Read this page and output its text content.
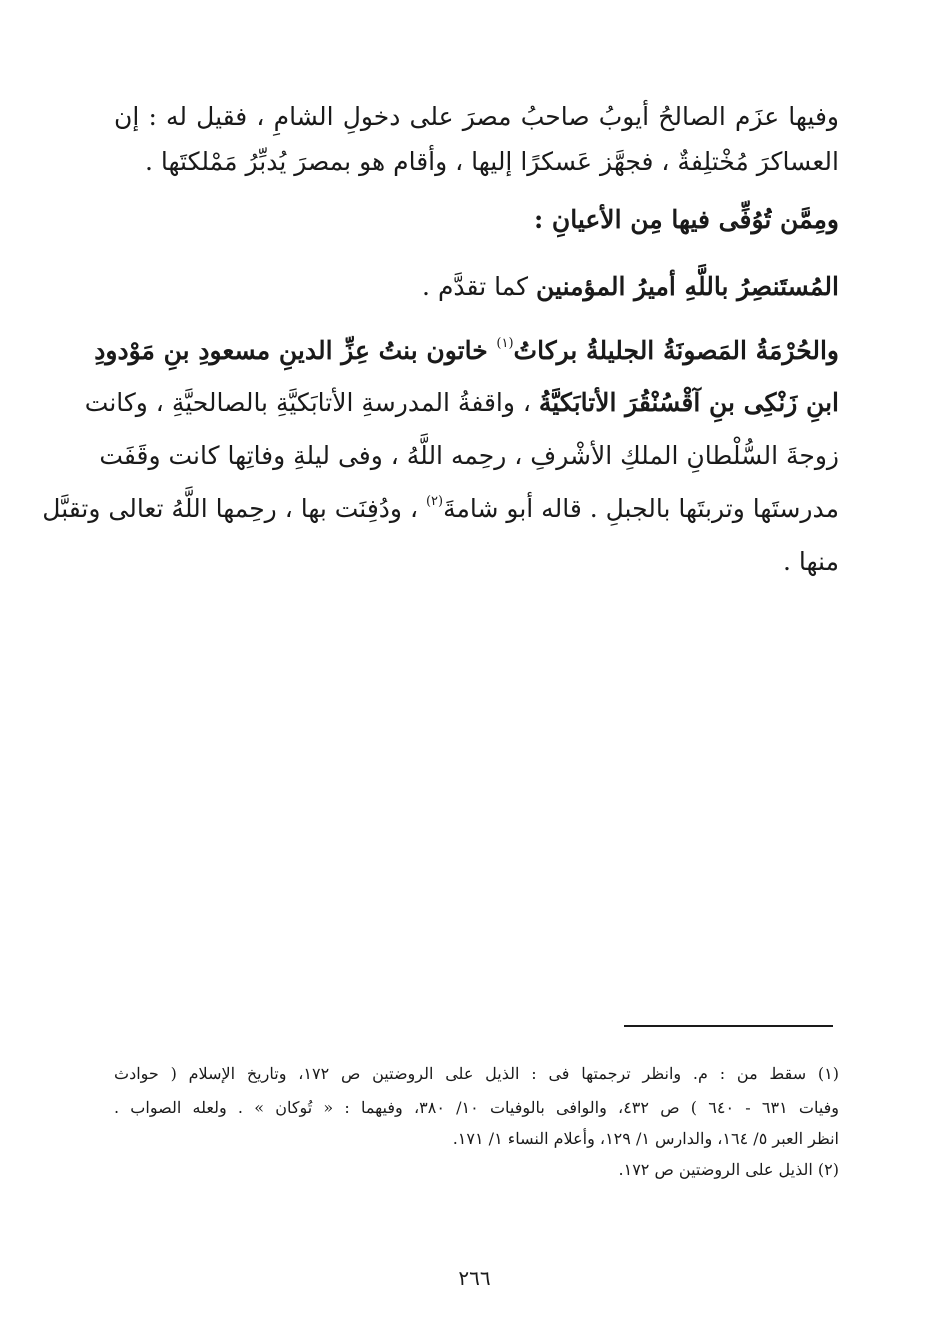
وفيها عزَم الصالحُ أيوبُ صاحبُ مصرَ على دخولِ الشامِ ، فقيل له : إن
العساكرَ مُخْتلِفةٌ ، فجهَّز عَسكرًا إليها ، وأقام هو بمصرَ يُدبِّرُ مَمْلكتَها .
ومِمَّن تُوُفِّى فيها مِن الأعيانِ :
المُستَنصِرُ باللَّهِ أميرُ المؤمنين كما تقدَّم .
والحُرْمَةُ المَصونَةُ الجليلةُ بركاتُ$^{(١)}$ خاتون بنتُ عِزِّ الدينِ مسعودِ بنِ مَوْدودِ
ابنِ زَنْكِى بنِ آقْسُنْقُرَ الأتابَكيَّةُ ، واقفةُ المدرسةِ الأتابَكيَّةِ بالصالحيَّةِ ، وكانت
زوجةَ السُّلْطانِ الملكِ الأشْرفِ ، رحِمه اللَّهُ ، وفى ليلةِ وفاتِها كانت وقَفَت
مدرستَها وتربتَها بالجبلِ . قاله أبو شامةَ$^{(٢)}$ ، ودُفِنَت بها ، رحِمها اللَّهُ تعالى وتقبَّل
منها .
(١) سقط من : م. وانظر ترجمتها فى : الذيل على الروضتين ص ١٧٢، وتاريخ الإسلام ( حوادث
وفيات ٦٣١ - ٦٤٠ ) ص ٤٣٢، والوافى بالوفيات ١٠/ ٣٨٠، وفيهما : « تُوكان » . ولعله الصواب .
انظر العبر ٥/ ١٦٤، والدارس ١/ ١٢٩، وأعلام النساء ١/ ١٧١.
(٢) الذيل على الروضتين ص ١٧٢.
٢٦٦
